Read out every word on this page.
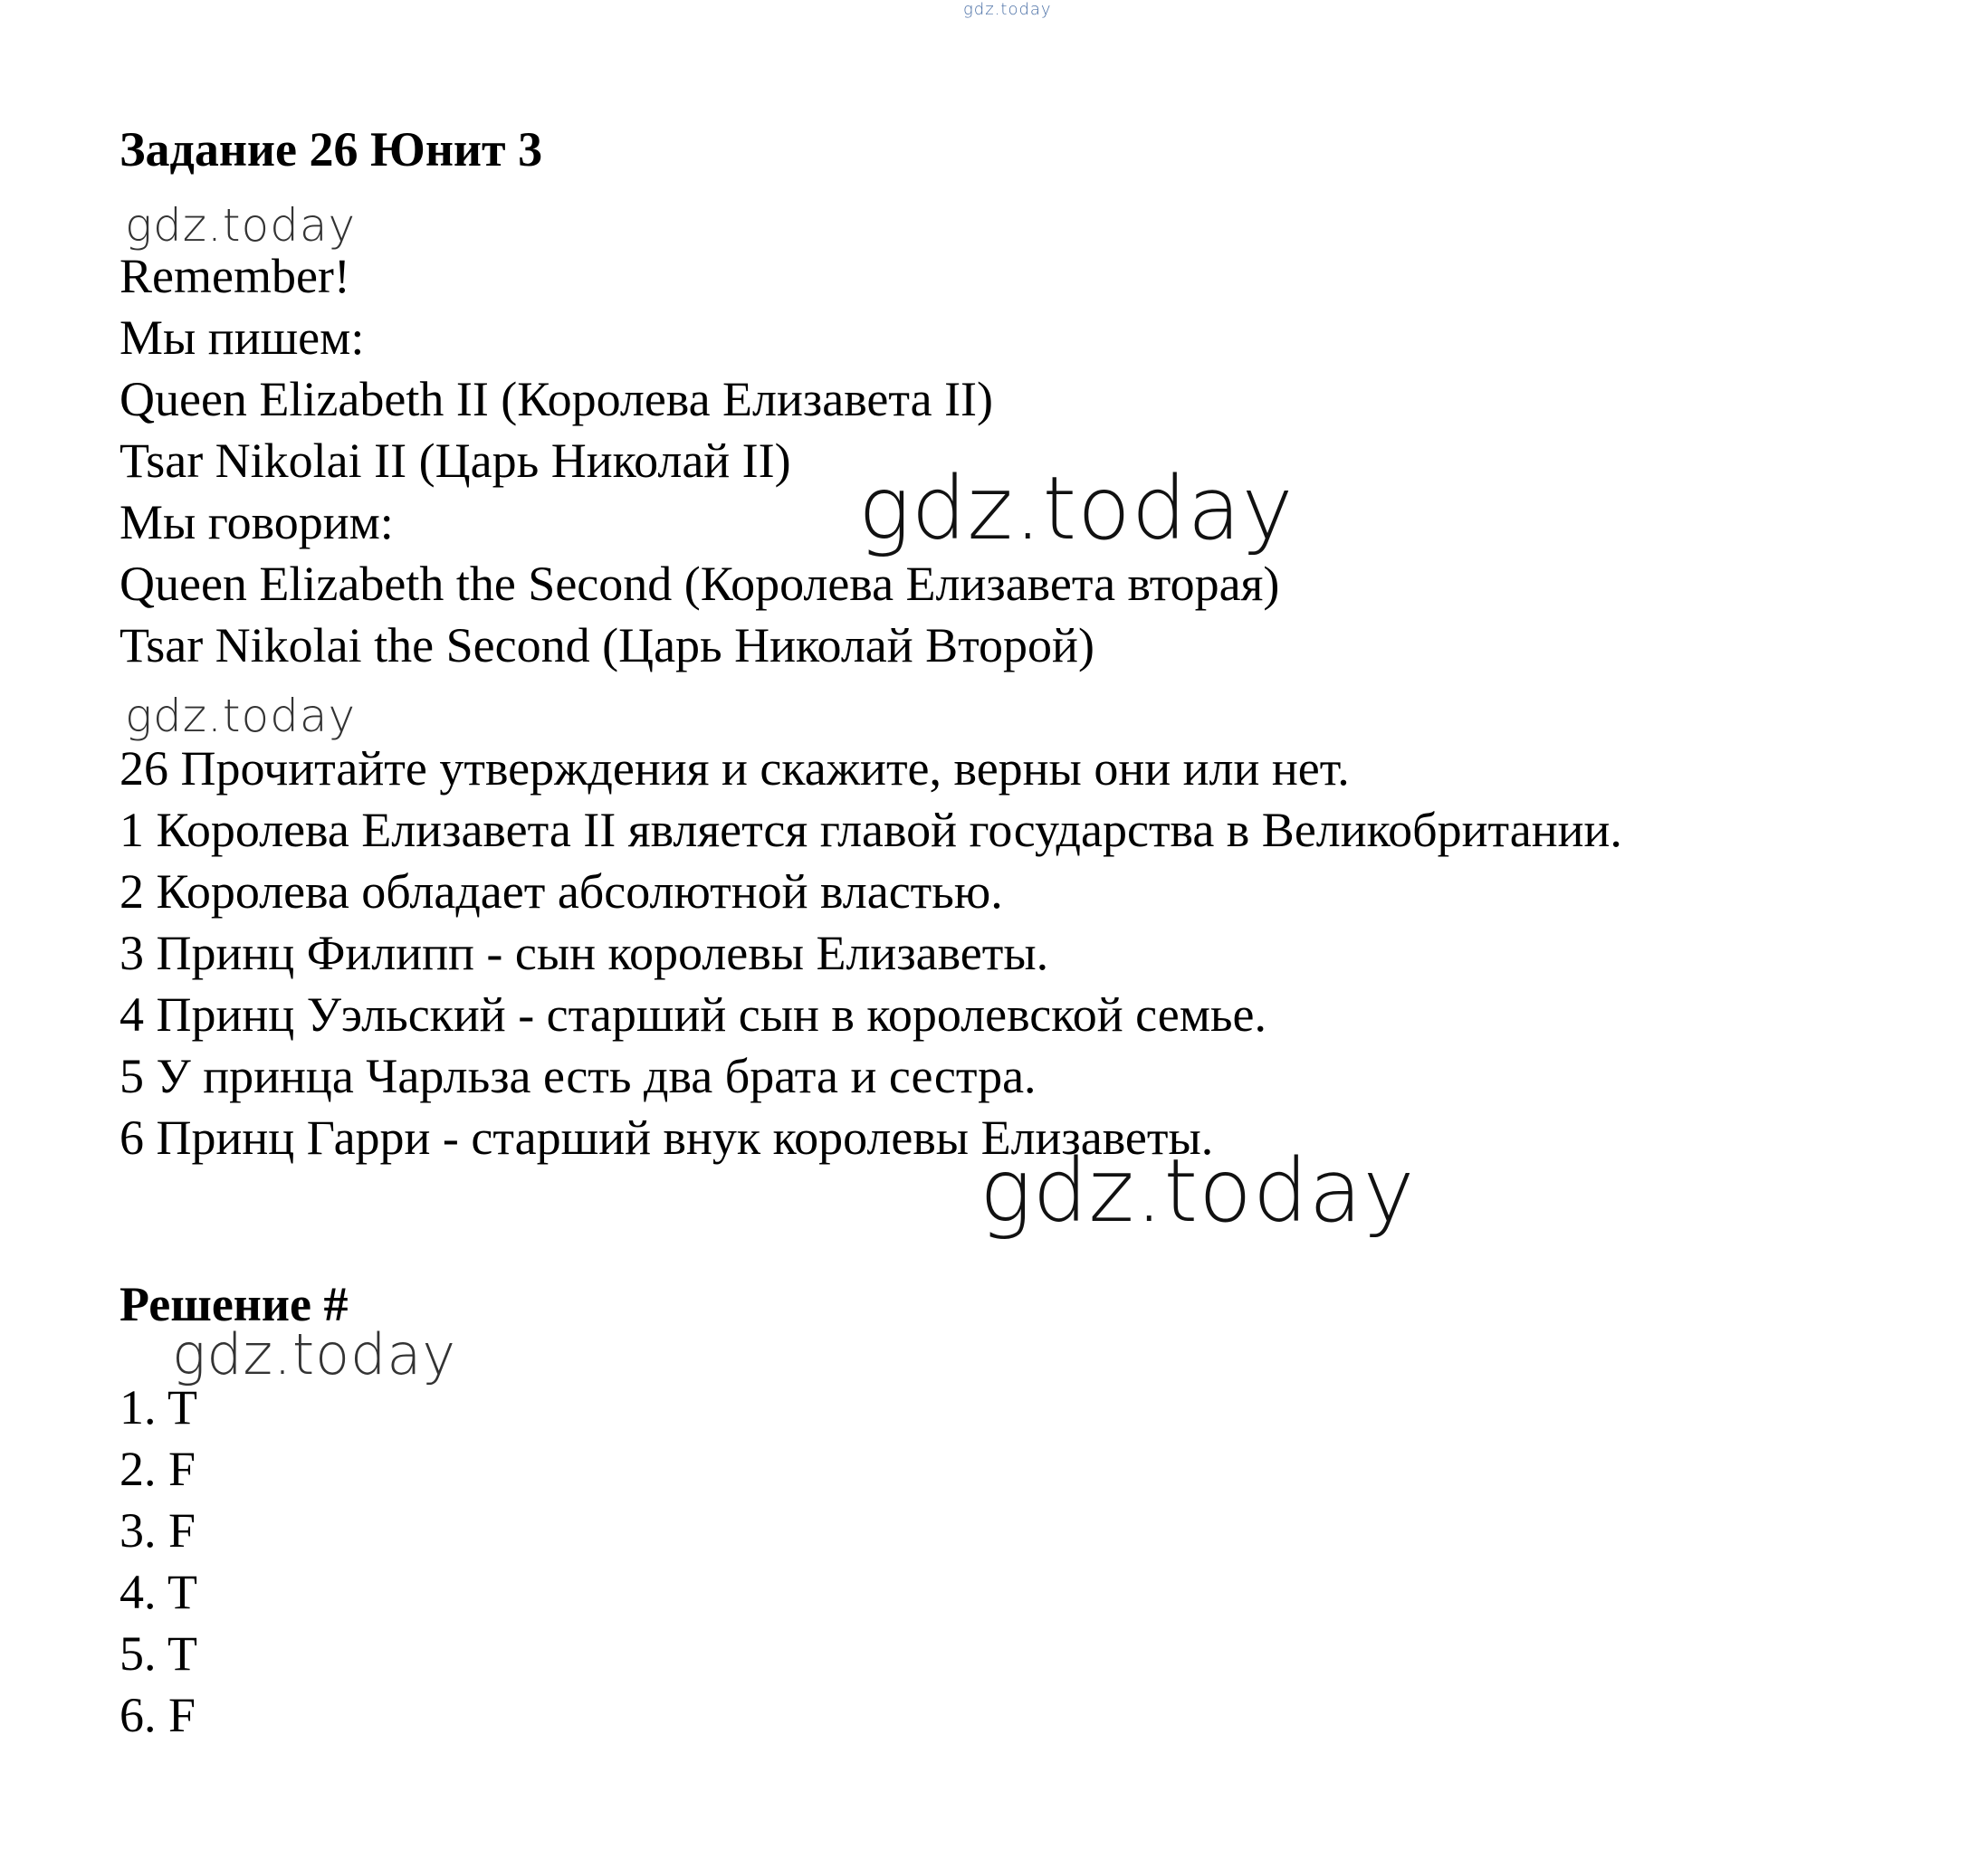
gdz.today
Задание 26 Юнит 3
gdz.today
Remember!
Мы пишем:
Queen Elizabeth II (Королева Елизавета II)
Tsar Nikolai II (Царь Николай II) gdz.today
Мы говорим:
Queen Elizabeth the Second (Королева Елизавета вторая)
Tsar Nikolai the Second (Царь Николай Второй)
gdz.today
26 Прочитайте утверждения и скажите, верны они или нет.
1 Королева Елизавета II является главой государства в Великобритании.
2 Королева обладает абсолютной властью.
3 Принц Филипп - сын королевы Елизаветы.
4 Принц Уэльский - старший сын в королевской семье.
5 У принца Чарльза есть два брата и сестра.
6 Принц Гарри - старший внук королевы Елизаветы.
gdz.today
Решение #
gdz.today
1. T
2. F
3. F
4. T
5. T
6. F
